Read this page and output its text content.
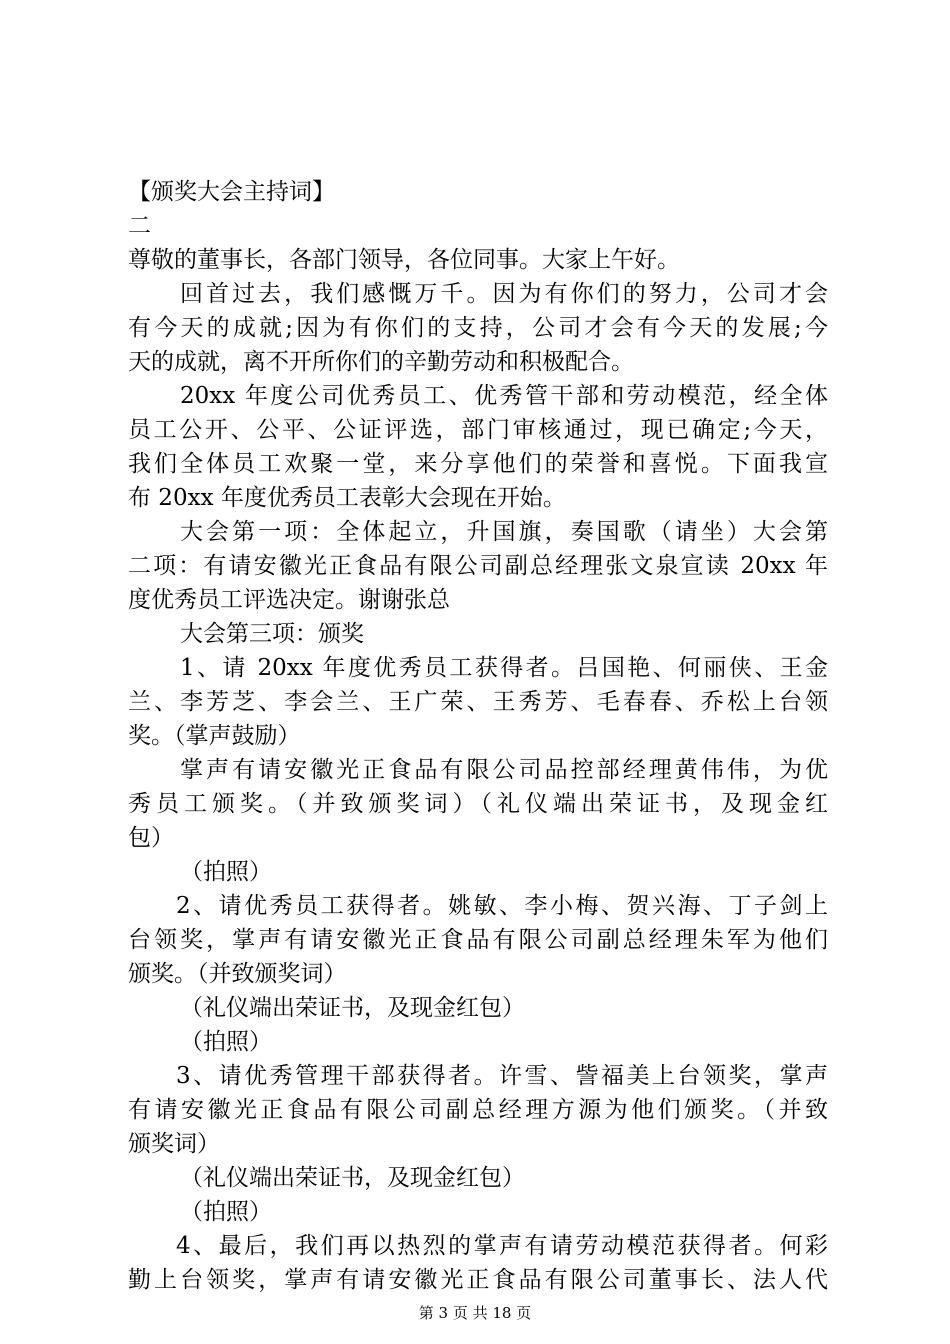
【颁奖大会主持词】
二
尊敬的董事长，各部门领导，各位同事。大家上午好。
回首过去，我们感慨万千。因为有你们的努力，公司才会
有今天的成就;因为有你们的支持，公司才会有今天的发展;今
天的成就，离不开所你们的辛勤劳动和积极配合。
20xx 年度公司优秀员工、优秀管干部和劳动模范，经全体
员工公开、公平、公证评选，部门审核通过，现已确定;今天，
我们全体员工欢聚一堂，来分享他们的荣誉和喜悦。下面我宣
布 20xx 年度优秀员工表彰大会现在开始。
大会第一项：全体起立，升国旗，奏国歌（请坐）大会第
二项：有请安徽光正食品有限公司副总经理张文泉宣读 20xx 年
度优秀员工评选决定。谢谢张总
大会第三项：颁奖
1、请 20xx 年度优秀员工获得者。吕国艳、何丽侠、王金
兰、李芳芝、李会兰、王广荣、王秀芳、毛春春、乔松上台领
奖。（掌声鼓励）
掌声有请安徽光正食品有限公司品控部经理黄伟伟，为优
秀员工颁奖。（并致颁奖词）（礼仪端出荣证书，及现金红
包）
（拍照）
2、请优秀员工获得者。姚敏、李小梅、贺兴海、丁子剑上
台领奖，掌声有请安徽光正食品有限公司副总经理朱军为他们
颁奖。（并致颁奖词）
（礼仪端出荣证书，及现金红包）
（拍照）
3、请优秀管理干部获得者。许雪、訾福美上台领奖，掌声
有请安徽光正食品有限公司副总经理方源为他们颁奖。（并致
颁奖词）
（礼仪端出荣证书，及现金红包）
（拍照）
4、最后，我们再以热烈的掌声有请劳动模范获得者。何彩
勤上台领奖，掌声有请安徽光正食品有限公司董事长、法人代
第 3 页 共 18 页
